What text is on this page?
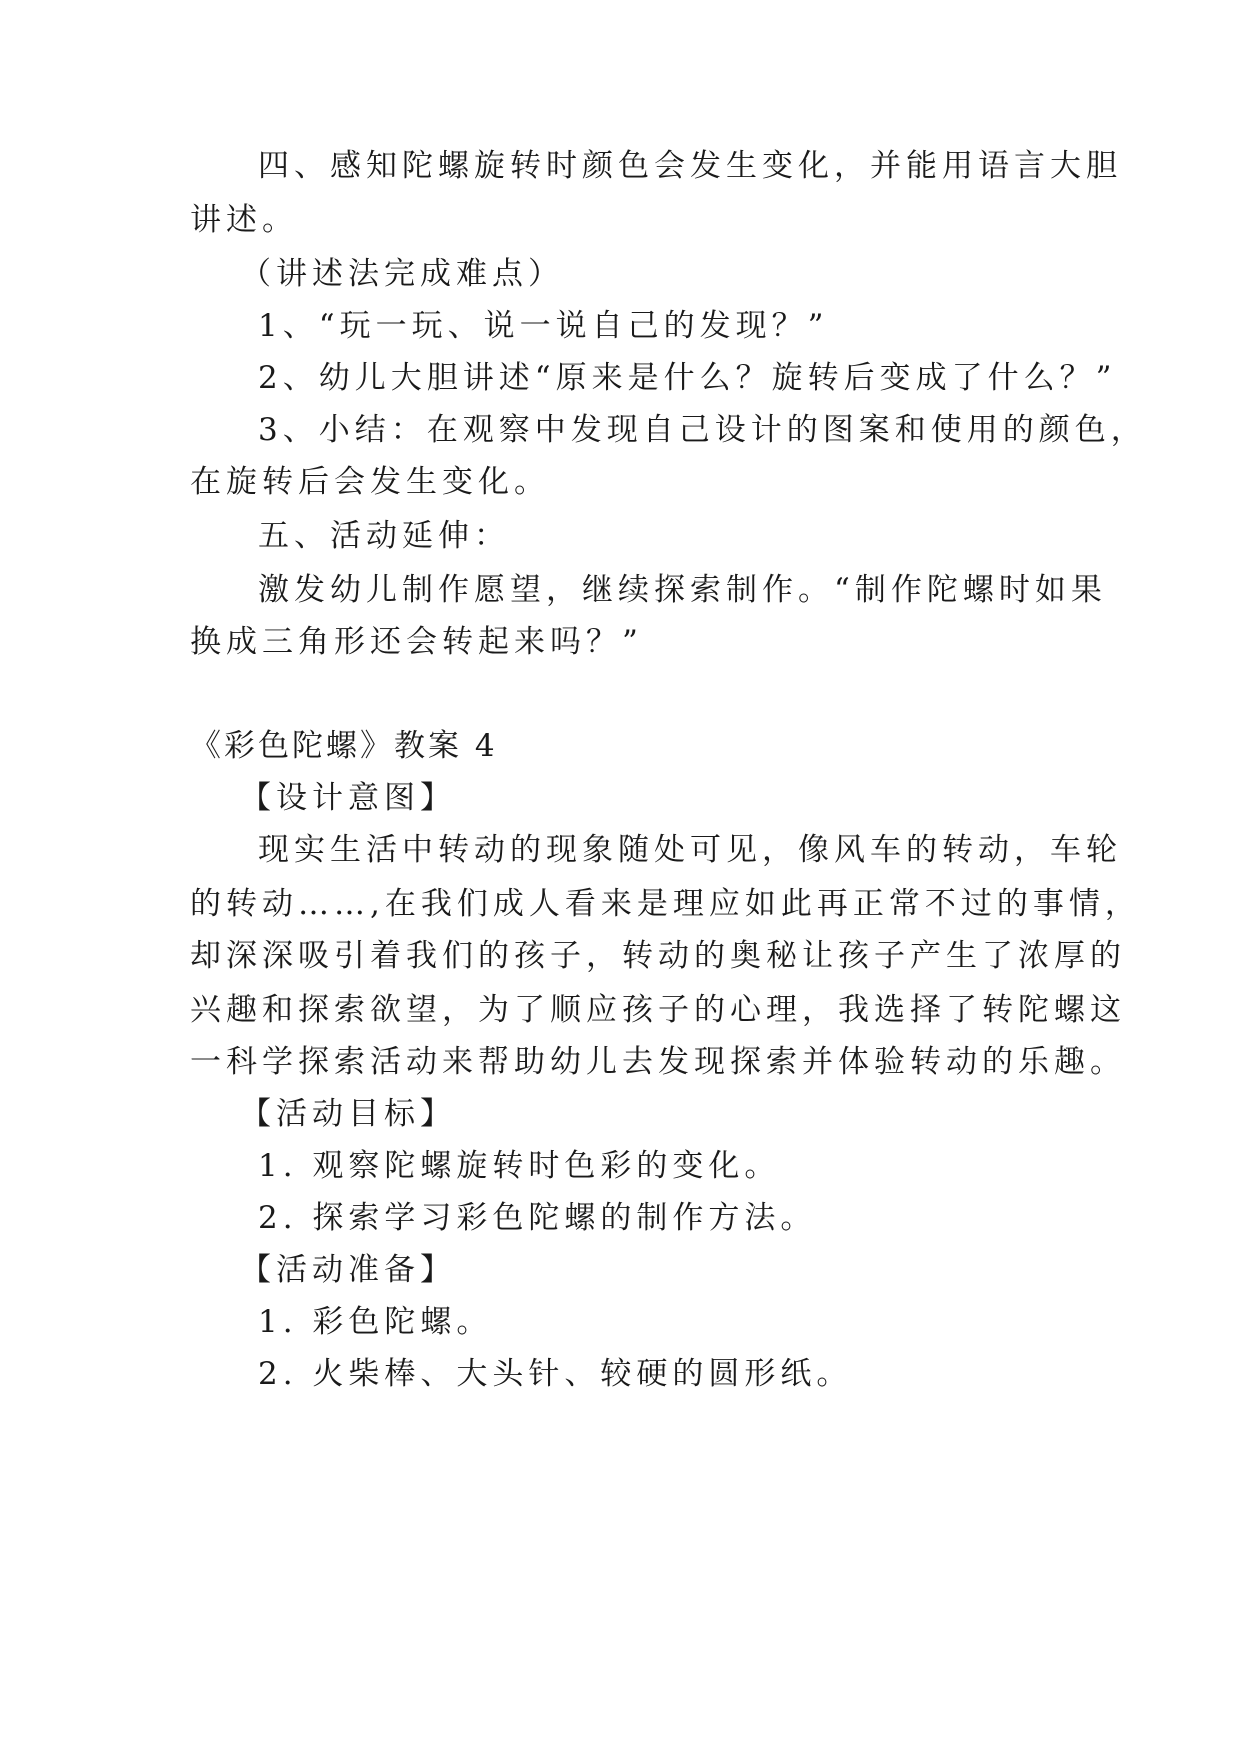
四、感知陀螺旋转时颜色会发生变化，并能用语言大胆
讲述。
（讲述法完成难点）
1、“玩一玩、说一说自己的发现？”
2、幼儿大胆讲述“原来是什么？旋转后变成了什么？”
3、小结：在观察中发现自己设计的图案和使用的颜色，
在旋转后会发生变化。
五、活动延伸：
激发幼儿制作愿望，继续探索制作。“制作陀螺时如果
换成三角形还会转起来吗？”
《彩色陀螺》教案 4
【设计意图】
现实生活中转动的现象随处可见，像风车的转动，车轮
的转动……,在我们成人看来是理应如此再正常不过的事情，
却深深吸引着我们的孩子，转动的奥秘让孩子产生了浓厚的
兴趣和探索欲望，为了顺应孩子的心理，我选择了转陀螺这
一科学探索活动来帮助幼儿去发现探索并体验转动的乐趣。
【活动目标】
1. 观察陀螺旋转时色彩的变化。
2. 探索学习彩色陀螺的制作方法。
【活动准备】
1. 彩色陀螺。
2. 火柴棒、大头针、较硬的圆形纸。
